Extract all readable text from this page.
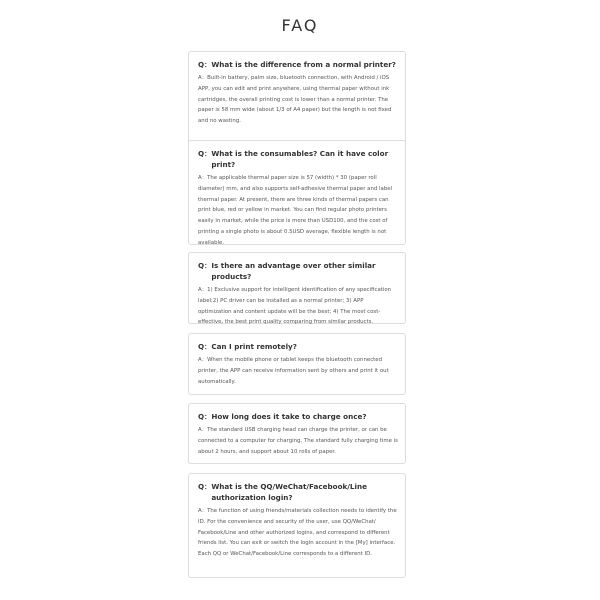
FAQ
Q： What is the difference from a normal printer?
A：Built-in battery, palm size, bluetooth connection, with Android / iOS APP, you can edit and print anywhere, using thermal paper without ink cartridges, the overall printing cost is lower than a normal printer. The paper is 58 mm wide (about 1/3 of A4 paper) but the length is not fixed and no wasting.
Q： What is the consumables? Can it have color print?
A：The applicable thermal paper size is 57 (width) * 30 (paper roll diameter) mm, and also supports self-adhesive thermal paper and label thermal paper. At present, there are three kinds of thermal papers can print blue, red or yellow in market. You can find regular photo printers easily in market, while the price is more than USD100, and the cost of printing a single photo is about 0.5USD average, flexible length is not available.
Q： Is there an advantage over other similar products?
A：1) Exclusive support for intelligent identification of any specification label;2) PC driver can be installed as a normal printer; 3) APP optimization and content update will be the best; 4) The most cost-effective, the best print quality comparing from similar products.
Q： Can I print remotely?
A：When the mobile phone or tablet keeps the bluetooth connected printer, the APP can receive information sent by others and print it out automatically.
Q： How long does it take to charge once?
A：The standard USB charging head can charge the printer, or can be connected to a computer for charging. The standard fully charging time is about 2 hours, and support about 10 rolls of paper.
Q： What is the QQ/WeChat/Facebook/Line authorization login?
A：The function of using friends/materials collection needs to identify the ID. For the convenience and security of the user, use QQ/WeChat/ Facebook/Line and other authorized logins, and correspond to different friends list. You can exit or switch the login account in the [My] interface. Each QQ or WeChat/Facebook/Line corresponds to a different ID.
